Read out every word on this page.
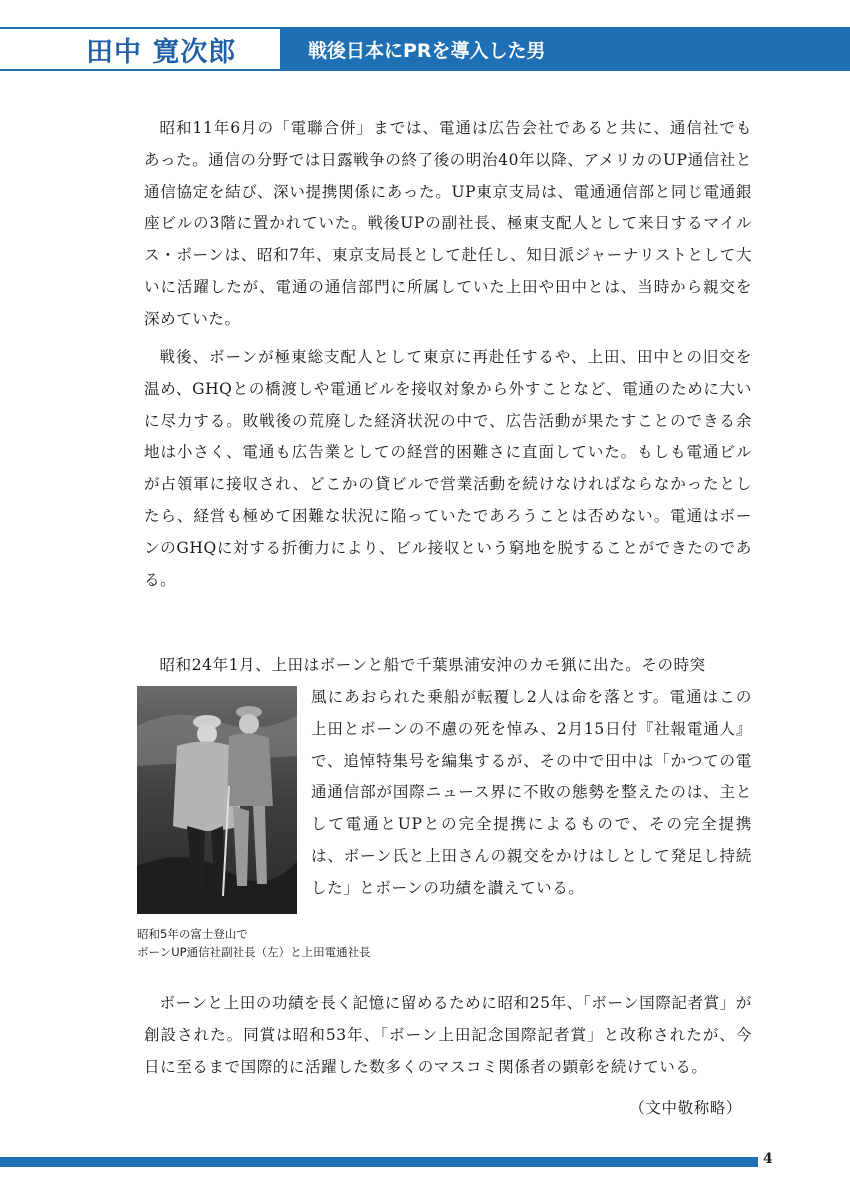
田中 寛次郎	戦後日本にPRを導入した男

昭和11年6月の「電聯合併」までは、電通は広告会社であると共に、通信社でもあった。通信の分野では日露戦争の終了後の明治40年以降、アメリカのUP通信社と通信協定を結び、深い提携関係にあった。UP東京支局は、電通通信部と同じ電通銀座ビルの3階に置かれていた。戦後UPの副社長、極東支配人として来日するマイルス・ボーンは、昭和7年、東京支局長として赴任し、知日派ジャーナリストとして大いに活躍したが、電通の通信部門に所属していた上田や田中とは、当時から親交を深めていた。

戦後、ボーンが極東総支配人として東京に再赴任するや、上田、田中との旧交を温め、GHQとの橋渡しや電通ビルを接収対象から外すことなど、電通のために大いに尽力する。敗戦後の荒廃した経済状況の中で、広告活動が果たすことのできる余地は小さく、電通も広告業としての経営的困難さに直面していた。もしも電通ビルが占領軍に接収され、どこかの貸ビルで営業活動を続けなければならなかったとしたら、経営も極めて困難な状況に陥っていたであろうことは否めない。電通はボーンのGHQに対する折衝力により、ビル接収という窮地を脱することができたのである。

昭和24年1月、上田はボーンと船で千葉県浦安沖のカモ猟に出た。その時突

風にあおられた乗船が転覆し2人は命を落とす。電通はこの上田とボーンの不慮の死を悼み、2月15日付『社報電通人』で、追悼特集号を編集するが、その中で田中は「かつての電通通信部が国際ニュース界に不敗の態勢を整えたのは、主として電通とUPとの完全提携によるもので、その完全提携は、ボーン氏と上田さんの親交をかけはしとして発足し持続した」とボーンの功績を讃えている。

昭和5年の富士登山で
ボーンUP通信社副社長（左）と上田電通社長

ボーンと上田の功績を長く記憶に留めるために昭和25年、「ボーン国際記者賞」が創設された。同賞は昭和53年、「ボーン上田記念国際記者賞」と改称されたが、今日に至るまで国際的に活躍した数多くのマスコミ関係者の顕彰を続けている。

（文中敬称略）
4
